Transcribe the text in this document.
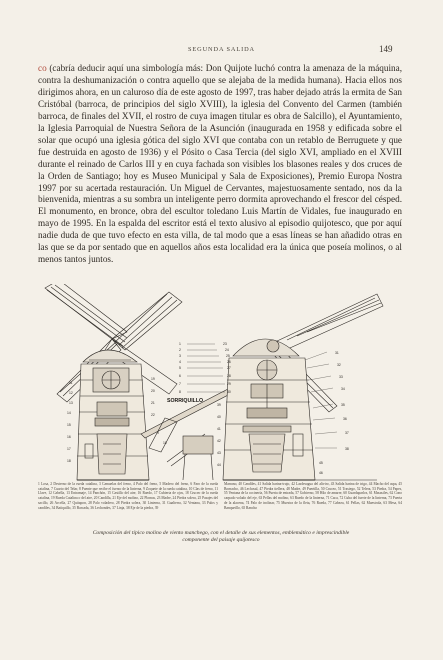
SEGUNDA SALIDA	149

co (cabría deducir aquí una simbología más: Don Quijote luchó contra la amenaza de la máquina, contra la deshumanización o contra aquello que se alejaba de la medida humana). Hacia ellos nos dirigimos ahora, en un caluroso día de este agosto de 1997, tras haber dejado atrás la ermita de San Cristóbal (barroca, de principios del siglo XVIII), la iglesia del Convento del Carmen (también barroca, de finales del XVII, el rostro de cuya imagen titular es obra de Salcillo), el Ayuntamiento, la Iglesia Parroquial de Nuestra Señora de la Asunción (inaugurada en 1958 y edificada sobre el solar que ocupó una iglesia gótica del siglo XVI que contaba con un retablo de Berruguete y que fue destruida en agosto de 1936) y el Pósito o Casa Tercia (del siglo XVI, ampliado en el XVIII durante el reinado de Carlos III y en cuya fachada son visibles los blasones reales y dos cruces de la Orden de Santiago; hoy es Museo Municipal y Sala de Exposiciones), Premio Europa Nostra 1997 por su acertada restauración. Un Miguel de Cervantes, majestuosamente sentado, nos da la bienvenida, mientras a su sombra un inteligente perro dormita aprovechando el frescor del césped. El monumento, en bronce, obra del escultor toledano Luis Martín de Vidales, fue inaugurado en mayo de 1995. En la espalda del escritor está el texto alusivo al episodio quijotesco, que por aquí nadie duda de que tuvo efecto en esta villa, de tal modo que a esas líneas se han añadido otras en las que se da por sentado que en aquellos años esta localidad era la única que poseía molinos, o al menos tantos juntos.

SORRIQUILLO
1
2
3
4
5
6
7
8
9
10
11
12
13
14
15
16
17
18
19
20
21
22
23
24
25
26
27
28
29
30
31
32
33
34
35
36
37
38
39
40
41
42
43
44	45
46

1 Losa, 2 Desterno de la rueda catalina, 3 Camuelas del freno, 4 Palo del freno, 5 Madero del freno, 6 Faro de la rueda catalina, 7 Cuarto del Telar, 8 Puente que recibe el fuerzo de la linterna, 9 Zoquete de la rueda catalina, 10 Clas de freno, 11 Llave, 12 Cabella, 13 Entramaje, 14 Panchón, 15 Castillo del aire, 16 Ruedo, 17 Cubierta de ojos, 18 Cruceo de la rueda catalina, 19 Rueda Catalina o del aire, 20 Candilla, 21 Eje del molino, 22 Plomas, 23 Madre, 24 Piedra solera, 25 Pasajes del sacillo, 26 Arcella, 27 Quitapon, 28 Palo voladero, 28 Piedra solera, 30 Linterna, 31 Gualterra, 32 Ventana, 33 Palos y candiles, 34 Batiquillo, 35 Barcada, 36 Lechondes, 37 Linja, 38 Eje de la piedra, 39

Marrano, 40 Candiles, 41 Salida harina-trujo, 42 Lasdesagua del aliviro, 43 Salida harina de trigo, 44 Macho del aspa, 45 Bornacho, 46 Lechosal, 47 Piedra tiellera, 48 Madre, 49 Puertilla, 50 Cruceo, 51 Trasiego, 52 Telera, 53 Piedra, 54 Papes, 55 Ventana de la cocinería, 56 Puerta de entrada, 57 Gobierno, 58 Hilo de amarre, 60 Guardaparlos, 61 Masasiles, 62 Cono carpado volado del eje, 63 Pellas del molino, 63 Ruedo de la linterna, 71 Caca, 72 Cuba del fuerte de la linterna, 73 Puerta de la alacena, 74 Palo de inclinar, 75 Muestra de la fleta, 76 Rueda, 77 Cabeza, 61 Pellas, 62 Muestrola, 63 Mesa, 64 Banqueillo, 65 Rancho

Composición del típico molino de viento manchego, con el detalle de sus elementos, emblemático e imprescindible componente del paisaje quijotesco
